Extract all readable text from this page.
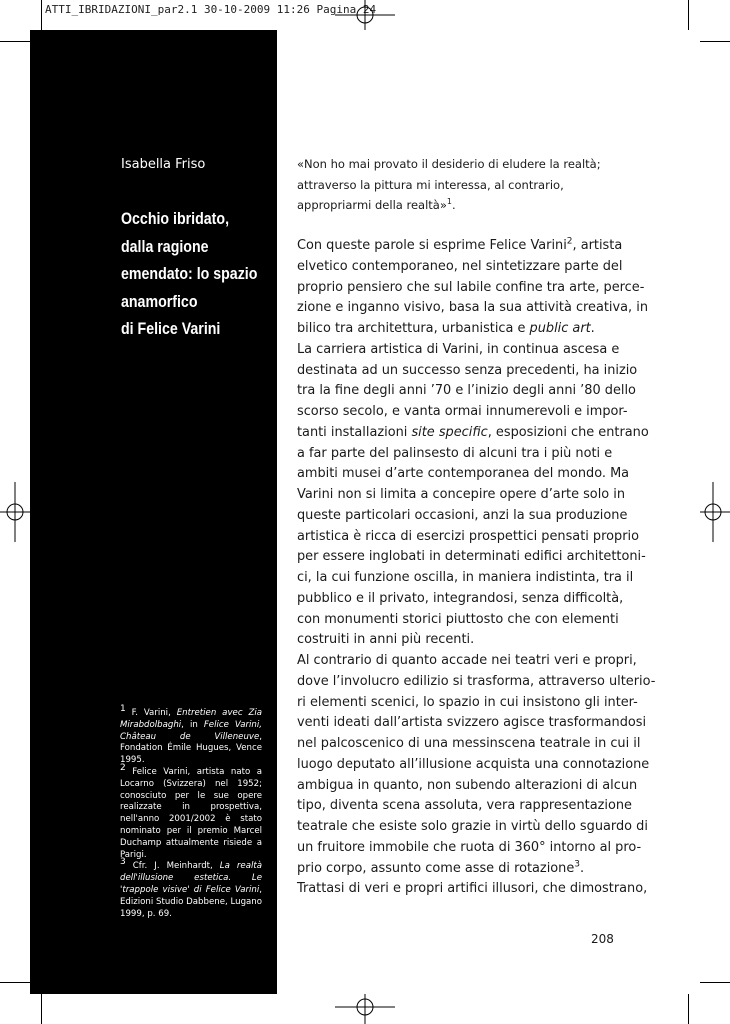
ATTI_IBRIDAZIONI_par2.1 30-10-2009 11:26 Pagina 24
Isabella Friso
Occhio ibridato,
dalla ragione
emendato: lo spazio
anamorfico
di Felice Varini

$^1$ F. Varini, Entretien avec Zia Mirabdolbaghi, in Felice Varini, Château de Villeneuve, Fondation Émile Hugues, Vence 1995.

$^2$ Felice Varini, artista nato a Locarno (Svizzera) nel 1952; conosciuto per le sue opere realizzate in prospettiva, nell'anno 2001/2002 è stato nominato per il premio Marcel Duchamp attualmente risiede a Parigi.

$^3$ Cfr. J. Meinhardt, La realtà dell'illusione estetica. Le 'trappole visive' di Felice Varini, Edizioni Studio Dabbene, Lugano 1999, p. 69.

«Non ho mai provato il desiderio di eludere la realtà; attraverso la pittura mi interessa, al contrario, appropriarmi della realtà»$^1$.
Con queste parole si esprime Felice Varini$^2$, artista
elvetico contemporaneo, nel sintetizzare parte del
proprio pensiero che sul labile confine tra arte, perce-
zione e inganno visivo, basa la sua attività creativa, in
bilico tra architettura, urbanistica e public art.
La carriera artistica di Varini, in continua ascesa e
destinata ad un successo senza precedenti, ha inizio
tra la fine degli anni ’70 e l’inizio degli anni ’80 dello
scorso secolo, e vanta ormai innumerevoli e impor-
tanti installazioni site specific, esposizioni che entrano
a far parte del palinsesto di alcuni tra i più noti e
ambiti musei d’arte contemporanea del mondo. Ma
Varini non si limita a concepire opere d’arte solo in
queste particolari occasioni, anzi la sua produzione
artistica è ricca di esercizi prospettici pensati proprio
per essere inglobati in determinati edifici architettoni-
ci, la cui funzione oscilla, in maniera indistinta, tra il
pubblico e il privato, integrandosi, senza difficoltà,
con monumenti storici piuttosto che con elementi
costruiti in anni più recenti.
Al contrario di quanto accade nei teatri veri e propri,
dove l’involucro edilizio si trasforma, attraverso ulterio-
ri elementi scenici, lo spazio in cui insistono gli inter-
venti ideati dall’artista svizzero agisce trasformandosi
nel palcoscenico di una messinscena teatrale in cui il
luogo deputato all’illusione acquista una connotazione
ambigua in quanto, non subendo alterazioni di alcun
tipo, diventa scena assoluta, vera rappresentazione
teatrale che esiste solo grazie in virtù dello sguardo di
un fruitore immobile che ruota di 360° intorno al pro-
prio corpo, assunto come asse di rotazione$^3$.
Trattasi di veri e propri artifici illusori, che dimostrano,
208
